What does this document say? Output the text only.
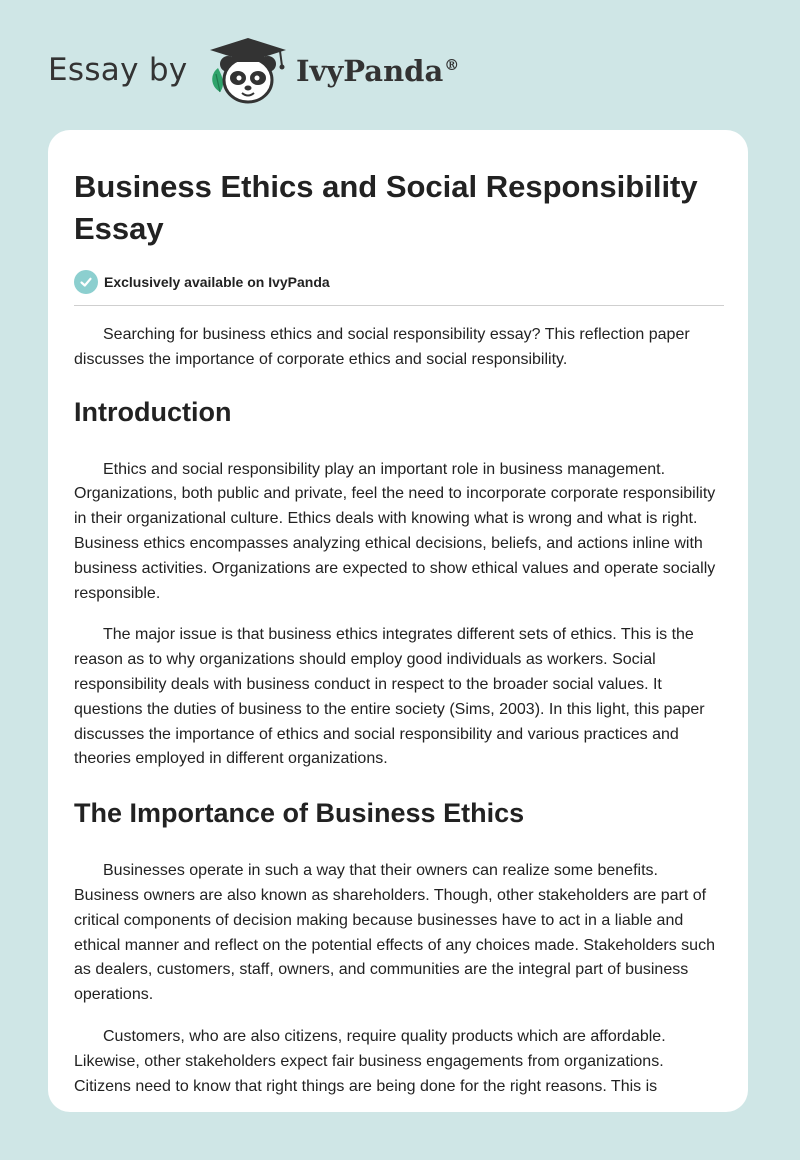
Essay by	IvyPanda®
Business Ethics and Social Responsibility Essay
Exclusively available on IvyPanda

Searching for business ethics and social responsibility essay? This reflection paper discusses the importance of corporate ethics and social responsibility.

Introduction

Ethics and social responsibility play an important role in business management. Organizations, both public and private, feel the need to incorporate corporate responsibility in their organizational culture. Ethics deals with knowing what is wrong and what is right. Business ethics encompasses analyzing ethical decisions, beliefs, and actions inline with business activities. Organizations are expected to show ethical values and operate socially responsible.

The major issue is that business ethics integrates different sets of ethics. This is the reason as to why organizations should employ good individuals as workers. Social responsibility deals with business conduct in respect to the broader social values. It questions the duties of business to the entire society (Sims, 2003). In this light, this paper discusses the importance of ethics and social responsibility and various practices and theories employed in different organizations.

The Importance of Business Ethics

Businesses operate in such a way that their owners can realize some benefits. Business owners are also known as shareholders. Though, other stakeholders are part of critical components of decision making because businesses have to act in a liable and ethical manner and reflect on the potential effects of any choices made. Stakeholders such as dealers, customers, staff, owners, and communities are the integral part of business operations.

Customers, who are also citizens, require quality products which are affordable. Likewise, other stakeholders expect fair business engagements from organizations. Citizens need to know that right things are being done for the right reasons. This is
